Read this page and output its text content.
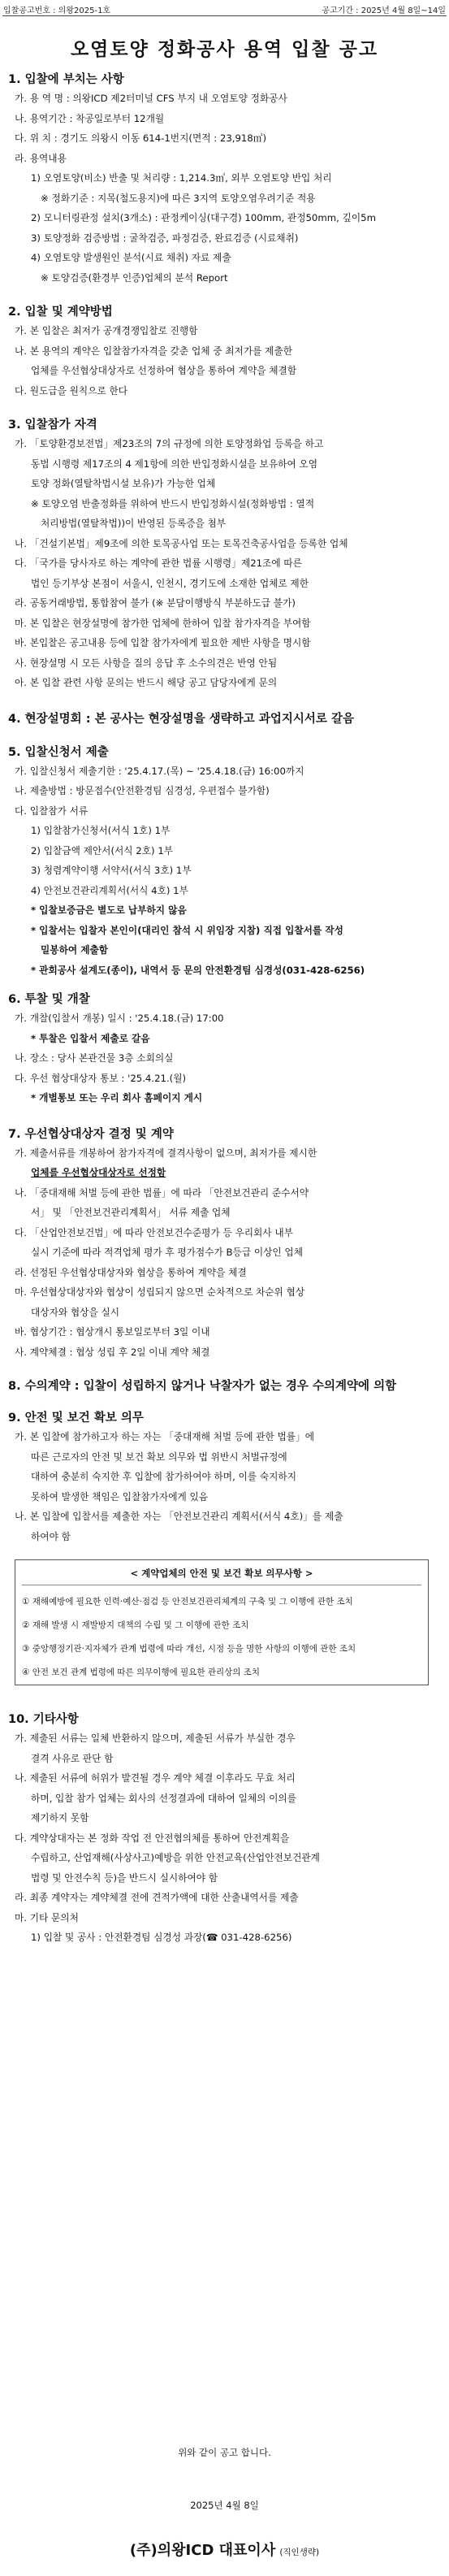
입찰공고번호 : 의왕2025-1호	공고기간 : 2025년 4월 8일~14일
오염토양 정화공사 용역 입찰 공고
1. 입찰에 부치는 사항
가. 용 역 명 : 의왕ICD 제2터미널 CFS 부지 내 오염토양 정화공사
나. 용역기간 : 착공일로부터 12개월
다. 위 치 : 경기도 의왕시 이동 614-1번지(면적 : 23,918㎡)
라. 용역내용
1) 오염토양(비소) 반출 및 처리량 : 1,214.3㎥, 외부 오염토양 반입 처리
※ 정화기준 : 지목(철도용지)에 따른 3지역 토양오염우려기준 적용
2) 모니터링관정 설치(3개소) : 관정케이싱(대구경) 100mm, 관정50mm, 깊이5m
3) 토양정화 검증방법 : 굴착검증, 파정검증, 완료검증 (시료채취)
4) 오염토양 발생원인 분석(시료 채취) 자료 제출
※ 토양검증(환경부 인증)업체의 분석 Report
2. 입찰 및 계약방법
가. 본 입찰은 최저가 공개경쟁입찰로 진행함
나. 본 용역의 계약은 입찰참가자격을 갖춘 업체 중 최저가를 제출한
업체를 우선협상대상자로 선정하여 협상을 통하여 계약을 체결함
다. 원도급을 원칙으로 한다
3. 입찰참가 자격
가. 「토양환경보전법」제23조의 7의 규정에 의한 토양정화업 등록을 하고
동법 시행령 제17조의 4 제1항에 의한 반입정화시설을 보유하여 오염
토양 정화(열탈착법시설 보유)가 가능한 업체
※ 토양오염 반출정화를 위하여 반드시 반입정화시설(정화방법 : 열적
처리방법(열탈착법))이 반영된 등록증을 첨부
나. 「건설기본법」제9조에 의한 토목공사업 또는 토목건축공사업을 등록한 업체
다. 「국가를 당사자로 하는 계약에 관한 법률 시행령」제21조에 따른
법인 등기부상 본점이 서울시, 인천시, 경기도에 소재한 업체로 제한
라. 공동거래방법, 통합참여 불가 (※ 분담이행방식 부분하도급 불가)
마. 본 입찰은 현장설명에 참가한 업체에 한하여 입찰 참가자격을 부여함
바. 본입찰은 공고내용 등에 입찰 참가자에게 필요한 제반 사항을 명시함
사. 현장설명 시 모든 사항을 질의 응답 후 소수의견은 반영 안됨
아. 본 입찰 관련 사항 문의는 반드시 해당 공고 담당자에게 문의
4. 현장설명회 : 본 공사는 현장설명을 생략하고 과업지시서로 갈음
5. 입찰신청서 제출
가. 입찰신청서 제출기한 : '25.4.17.(목) ~ '25.4.18.(금) 16:00까지
나. 제출방법 : 방문접수(안전환경팀 심경성, 우편접수 불가함)
다. 입찰참가 서류
1) 입찰참가신청서(서식 1호) 1부
2) 입찰금액 제안서(서식 2호) 1부
3) 청렴계약이행 서약서(서식 3호) 1부
4) 안전보건관리계획서(서식 4호) 1부
* 입찰보증금은 별도로 납부하지 않음
* 입찰서는 입찰자 본인이(대리인 참석 시 위임장 지참) 직접 입찰서를 작성
밀봉하여 제출함
* 관회공사 설계도(종이), 내역서 등 문의 안전환경팀 심경성(031-428-6256)
6. 투찰 및 개찰
가. 개찰(입찰서 개봉) 일시 : '25.4.18.(금) 17:00
* 투찰은 입찰서 제출로 갈음
나. 장소 : 당사 본관건물 3층 소회의실
다. 우선 협상대상자 통보 : '25.4.21.(월)
* 개별통보 또는 우리 회사 홈페이지 게시
7. 우선협상대상자 결정 및 계약
가. 제출서류를 개봉하여 참가자격에 결격사항이 없으며, 최저가를 제시한
업체를 우선협상대상자로 선정함
나. 「중대재해 처벌 등에 관한 법률」에 따라 「안전보건관리 준수서약
서」 및 「안전보건관리계획서」 서류 제출 업체
다. 「산업안전보건법」에 따라 안전보건수준평가 등 우리회사 내부
실시 기준에 따라 적격업체 평가 후 평가점수가 B등급 이상인 업체
라. 선정된 우선협상대상자와 협상을 통하여 계약을 체결
마. 우선협상대상자와 협상이 성립되지 않으면 순차적으로 차순위 협상
대상자와 협상을 실시
바. 협상기간 : 협상개시 통보일로부터 3일 이내
사. 계약체결 : 협상 성립 후 2일 이내 계약 체결
8. 수의계약 : 입찰이 성립하지 않거나 낙찰자가 없는 경우 수의계약에 의함
9. 안전 및 보건 확보 의무
가. 본 입찰에 참가하고자 하는 자는 「중대재해 처벌 등에 관한 법률」에
따른 근로자의 안전 및 보건 확보 의무와 법 위반시 처벌규정에
대하여 충분히 숙지한 후 입찰에 참가하여야 하며, 이를 숙지하지
못하여 발생한 책임은 입찰참가자에게 있음
나. 본 입찰에 입찰서를 제출한 자는 「안전보건관리 계획서(서식 4호)」를 제출
하여야 함
< 계약업체의 안전 및 보건 확보 의무사항 >
① 재해예방에 필요한 인력·예산·점검 등 안전보건관리체계의 구축 및 그 이행에 관한 조치
② 재해 발생 시 재발방지 대책의 수립 및 그 이행에 관한 조치
③ 중앙행정기관·지자체가 관계 법령에 따라 개선, 시정 등을 명한 사항의 이행에 관한 조치
④ 안전 보건 관계 법령에 따른 의무이행에 필요한 관리상의 조치
10. 기타사항
가. 제출된 서류는 일체 반환하지 않으며, 제출된 서류가 부실한 경우
결격 사유로 판단 함
나. 제출된 서류에 허위가 발견될 경우 계약 체결 이후라도 무효 처리
하며, 입찰 참가 업체는 회사의 선정결과에 대하여 일체의 이의를
제기하지 못함
다. 계약상대자는 본 정화 작업 전 안전협의체를 통하여 안전계획을
수립하고, 산업재해(사상사고)예방을 위한 안전교육(산업안전보건관계
법령 및 안전수칙 등)을 반드시 실시하여야 함
라. 최종 계약자는 계약체결 전에 견적가액에 대한 산출내역서를 제출
마. 기타 문의처
1) 입찰 및 공사 : 안전환경팀 심경성 과장(☎ 031-428-6256)
위와 같이 공고 합니다.
2025년 4월 8일
(주)의왕ICD 대표이사 (직인생략)
